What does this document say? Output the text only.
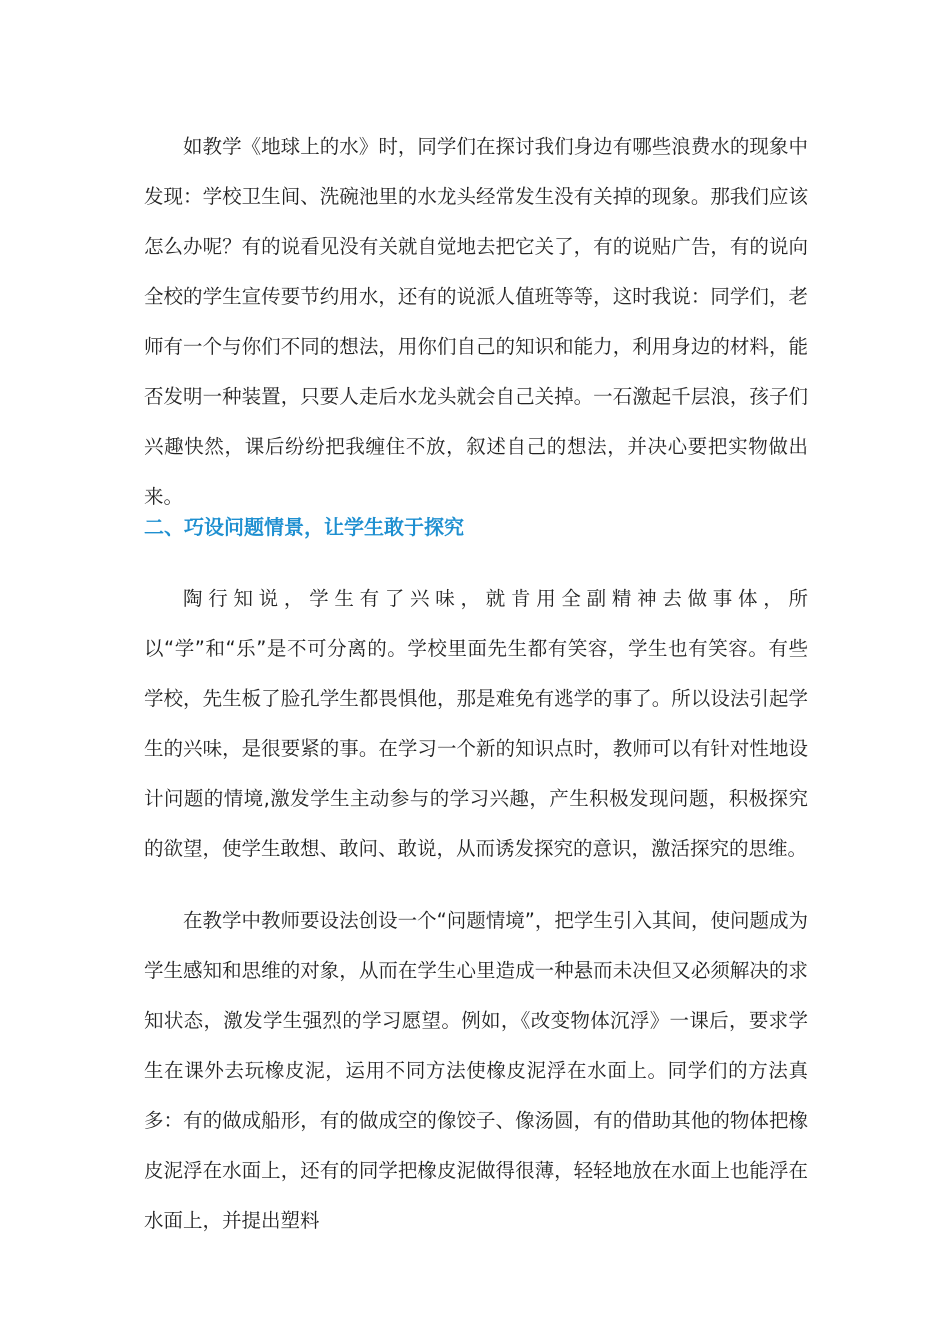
如教学《地球上的水》时，同学们在探讨我们身边有哪些浪费水的现象中发现：学校卫生间、洗碗池里的水龙头经常发生没有关掉的现象。那我们应该怎么办呢？有的说看见没有关就自觉地去把它关了，有的说贴广告，有的说向全校的学生宣传要节约用水，还有的说派人值班等等，这时我说：同学们，老师有一个与你们不同的想法，用你们自己的知识和能力，利用身边的材料，能否发明一种装置，只要人走后水龙头就会自己关掉。一石激起千层浪，孩子们兴趣快然，课后纷纷把我缠住不放，叙述自己的想法，并决心要把实物做出来。

二、巧设问题情景，让学生敢于探究

陶行知说，学生有了兴味，就肯用全副精神去做事体，所以“学”和“乐”是不可分离的。学校里面先生都有笑容，学生也有笑容。有些学校，先生板了脸孔学生都畏惧他，那是难免有逃学的事了。所以设法引起学生的兴味，是很要紧的事。在学习一个新的知识点时，教师可以有针对性地设计问题的情境,激发学生主动参与的学习兴趣，产生积极发现问题，积极探究的欲望，使学生敢想、敢问、敢说，从而诱发探究的意识，激活探究的思维。

在教学中教师要设法创设一个“问题情境”，把学生引入其间，使问题成为学生感知和思维的对象，从而在学生心里造成一种悬而未决但又必须解决的求知状态，激发学生强烈的学习愿望。例如，《改变物体沉浮》一课后，要求学生在课外去玩橡皮泥，运用不同方法使橡皮泥浮在水面上。同学们的方法真多：有的做成船形，有的做成空的像饺子、像汤圆，有的借助其他的物体把橡皮泥浮在水面上，还有的同学把橡皮泥做得很薄，轻轻地放在水面上也能浮在水面上，并提出塑料
